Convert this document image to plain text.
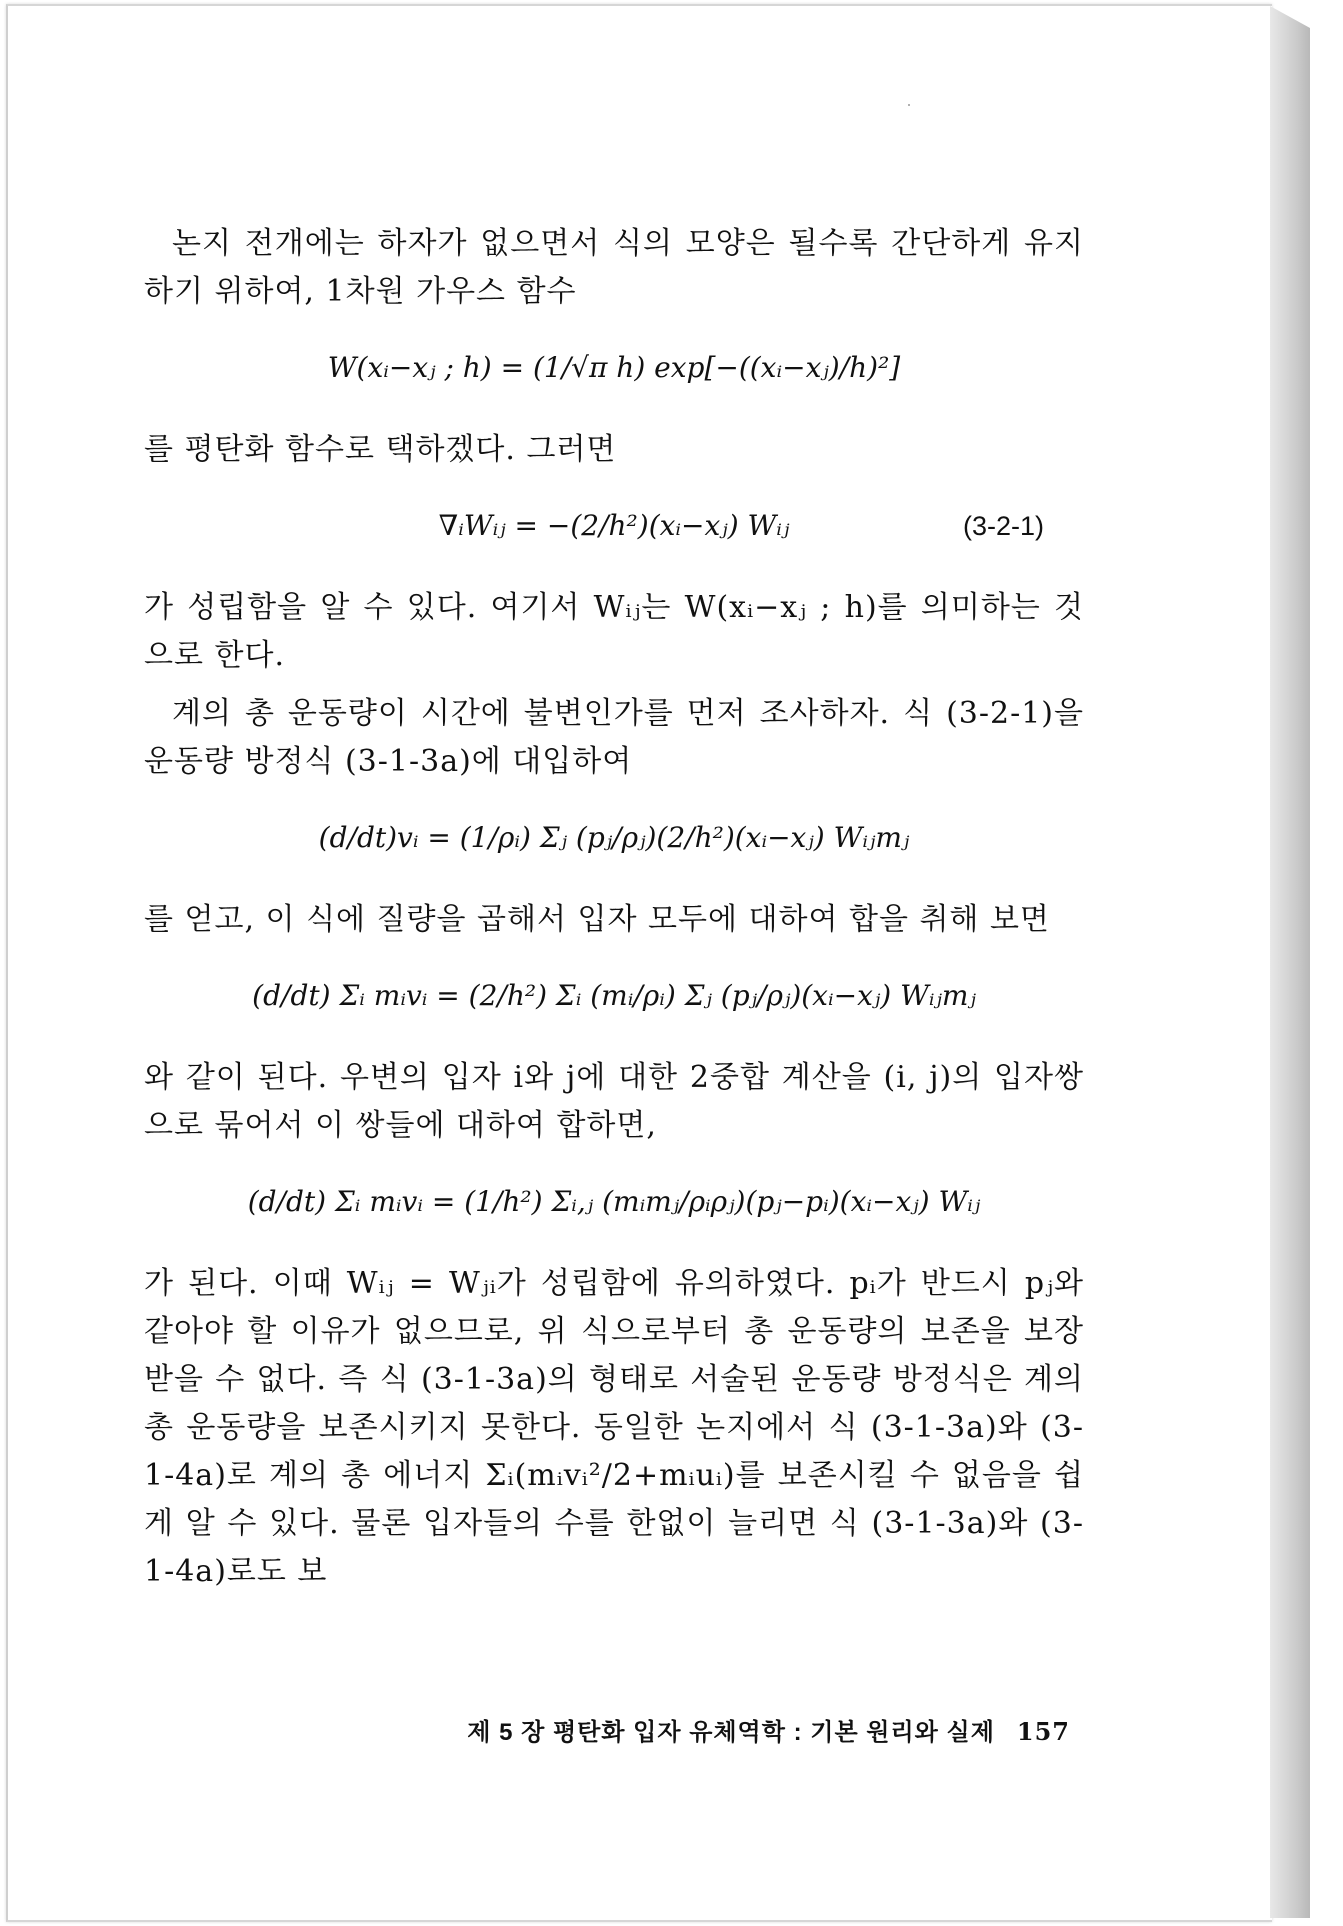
논지 전개에는 하자가 없으면서 식의 모양은 될수록 간단하게 유지하기 위하여, 1차원 가우스 함수

W(xᵢ−xⱼ ; h) = (1/√π h) exp[−((xᵢ−xⱼ)/h)²]

를 평탄화 함수로 택하겠다. 그러면

∇ᵢWᵢⱼ = −(2/h²)(xᵢ−xⱼ) Wᵢⱼ	(3-2-1)

가 성립함을 알 수 있다. 여기서 Wᵢⱼ는 W(xᵢ−xⱼ ; h)를 의미하는 것으로 한다.

계의 총 운동량이 시간에 불변인가를 먼저 조사하자. 식 (3-2-1)을 운동량 방정식 (3-1-3a)에 대입하여

(d/dt)vᵢ = (1/ρᵢ) Σⱼ (pⱼ/ρⱼ)(2/h²)(xᵢ−xⱼ) Wᵢⱼmⱼ

를 얻고, 이 식에 질량을 곱해서 입자 모두에 대하여 합을 취해 보면

(d/dt) Σᵢ mᵢvᵢ = (2/h²) Σᵢ (mᵢ/ρᵢ) Σⱼ (pⱼ/ρⱼ)(xᵢ−xⱼ) Wᵢⱼmⱼ

와 같이 된다. 우변의 입자 i와 j에 대한 2중합 계산을 (i, j)의 입자쌍으로 묶어서 이 쌍들에 대하여 합하면,

(d/dt) Σᵢ mᵢvᵢ = (1/h²) Σᵢ,ⱼ (mᵢmⱼ/ρᵢρⱼ)(pⱼ−pᵢ)(xᵢ−xⱼ) Wᵢⱼ

가 된다. 이때 Wᵢⱼ = Wⱼᵢ가 성립함에 유의하였다. pᵢ가 반드시 pⱼ와 같아야 할 이유가 없으므로, 위 식으로부터 총 운동량의 보존을 보장받을 수 없다. 즉 식 (3-1-3a)의 형태로 서술된 운동량 방정식은 계의 총 운동량을 보존시키지 못한다. 동일한 논지에서 식 (3-1-3a)와 (3-1-4a)로 계의 총 에너지 Σᵢ(mᵢvᵢ²/2+mᵢuᵢ)를 보존시킬 수 없음을 쉽게 알 수 있다. 물론 입자들의 수를 한없이 늘리면 식 (3-1-3a)와 (3-1-4a)로도 보

제 5 장 평탄화 입자 유체역학 : 기본 원리와 실제 157
